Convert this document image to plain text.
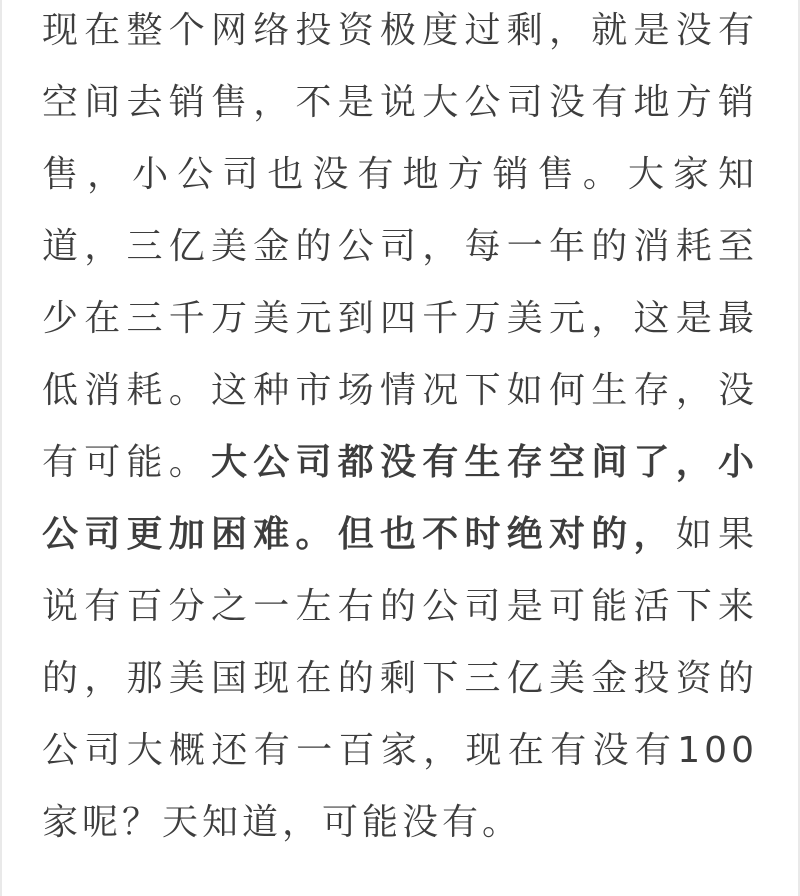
现在整个网络投资极度过剩，就是没有空间去销售，不是说大公司没有地方销售，小公司也没有地方销售。大家知道，三亿美金的公司，每一年的消耗至少在三千万美元到四千万美元，这是最低消耗。这种市场情况下如何生存，没有可能。大公司都没有生存空间了，小公司更加困难。但也不时绝对的，如果说有百分之一左右的公司是可能活下来的，那美国现在的剩下三亿美金投资的公司大概还有一百家，现在有没有100家呢？天知道，可能没有。
